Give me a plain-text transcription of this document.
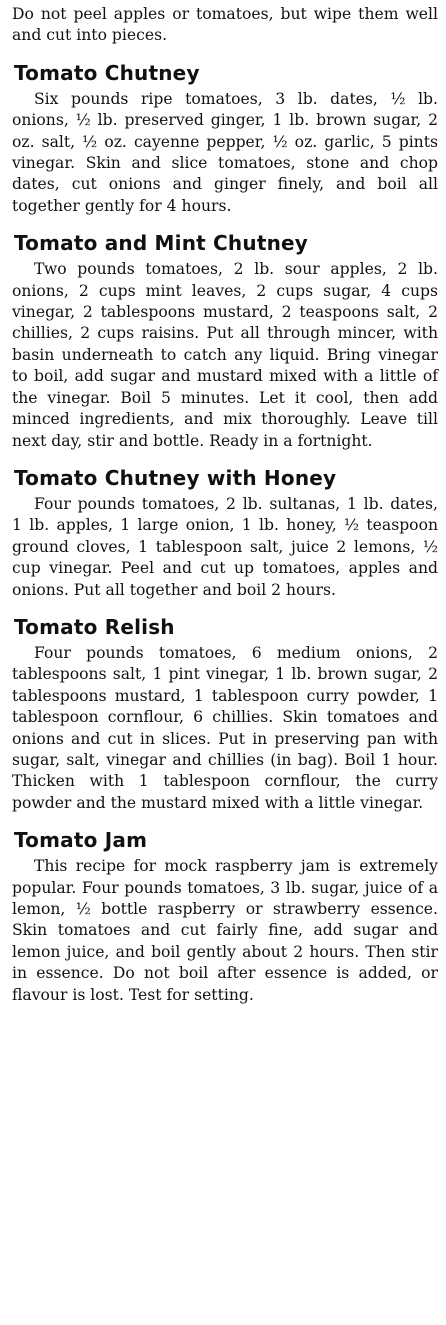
Do not peel apples or tomatoes, but wipe them well and cut into pieces.

Tomato Chutney

Six pounds ripe tomatoes, 3 lb. dates, ½ lb. onions, ½ lb. preserved ginger, 1 lb. brown sugar, 2 oz. salt, ½ oz. cayenne pepper, ½ oz. garlic, 5 pints vinegar. Skin and slice tomatoes, stone and chop dates, cut onions and ginger finely, and boil all together gently for 4 hours.

Tomato and Mint Chutney

Two pounds tomatoes, 2 lb. sour apples, 2 lb. onions, 2 cups mint leaves, 2 cups sugar, 4 cups vinegar, 2 tablespoons mustard, 2 teaspoons salt, 2 chillies, 2 cups raisins. Put all through mincer, with basin underneath to catch any liquid. Bring vinegar to boil, add sugar and mustard mixed with a little of the vinegar. Boil 5 minutes. Let it cool, then add minced ingredients, and mix thoroughly. Leave till next day, stir and bottle. Ready in a fortnight.

Tomato Chutney with Honey

Four pounds tomatoes, 2 lb. sultanas, 1 lb. dates, 1 lb. apples, 1 large onion, 1 lb. honey, ½ teaspoon ground cloves, 1 tablespoon salt, juice 2 lemons, ½ cup vinegar. Peel and cut up tomatoes, apples and onions. Put all together and boil 2 hours.

Tomato Relish

Four pounds tomatoes, 6 medium onions, 2 tablespoons salt, 1 pint vinegar, 1 lb. brown sugar, 2 tablespoons mustard, 1 tablespoon curry powder, 1 tablespoon cornflour, 6 chillies. Skin tomatoes and onions and cut in slices. Put in preserving pan with sugar, salt, vinegar and chillies (in bag). Boil 1 hour. Thicken with 1 tablespoon cornflour, the curry powder and the mustard mixed with a little vinegar.

Tomato Jam

This recipe for mock raspberry jam is extremely popular. Four pounds tomatoes, 3 lb. sugar, juice of a lemon, ½ bottle raspberry or strawberry essence. Skin tomatoes and cut fairly fine, add sugar and lemon juice, and boil gently about 2 hours. Then stir in essence. Do not boil after essence is added, or flavour is lost. Test for setting.
